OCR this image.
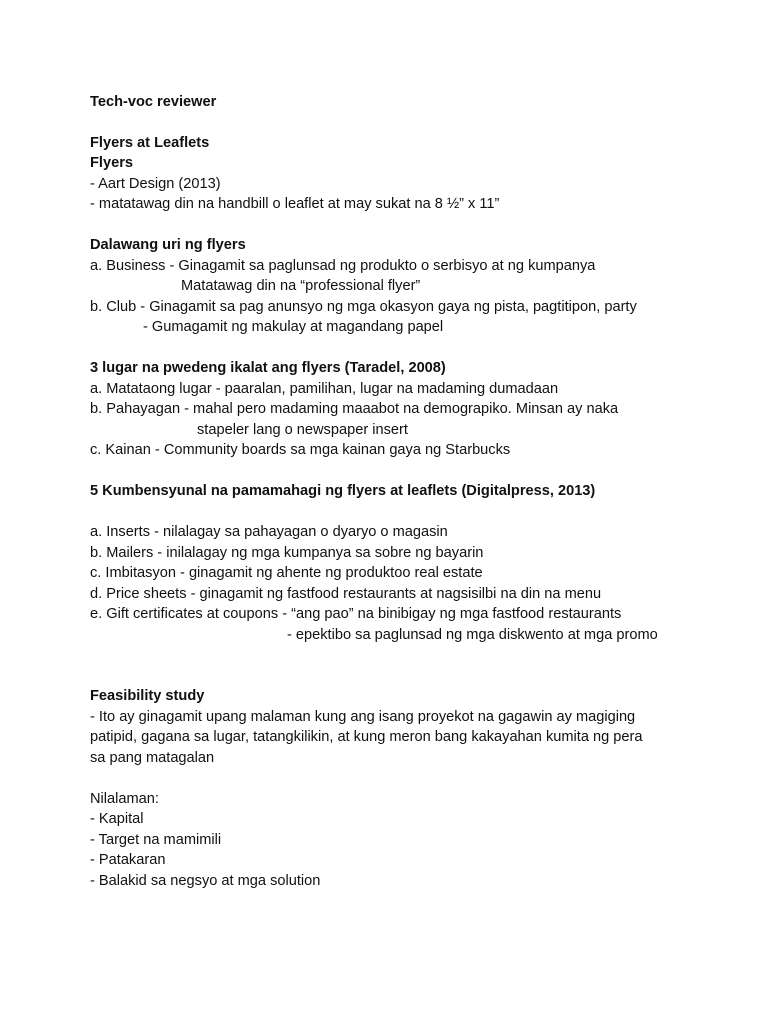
Tech-voc reviewer
Flyers at Leaflets
Flyers
- Aart Design (2013)
- matatawag din na handbill o leaflet at may sukat na 8 ½” x 11”
Dalawang uri ng flyers
a. Business - Ginagamit sa paglunsad ng produkto o serbisyo at ng kumpanya
Matatawag din na “professional flyer”
b. Club - Ginagamit sa pag anunsyo ng mga okasyon gaya ng pista, pagtitipon, party
- Gumagamit ng makulay at magandang papel
3 lugar na pwedeng ikalat ang flyers (Taradel, 2008)
a. Matataong lugar - paaralan, pamilihan, lugar na madaming dumadaan
b. Pahayagan - mahal pero madaming maaabot na demograpiko. Minsan ay naka
stapeler lang o newspaper insert
c. Kainan - Community boards sa mga kainan gaya ng Starbucks
5 Kumbensyunal na pamamahagi ng flyers at leaflets (Digitalpress, 2013)
a. Inserts - nilalagay sa pahayagan o dyaryo o magasin
b. Mailers - inilalagay ng mga kumpanya sa sobre ng bayarin
c. Imbitasyon - ginagamit ng ahente ng produktoo real estate
d. Price sheets - ginagamit ng fastfood restaurants at nagsisilbi na din na menu
e. Gift certificates at coupons - “ang pao” na binibigay ng mga fastfood restaurants
- epektibo sa paglunsad ng mga diskwento at mga promo
Feasibility study
- Ito ay ginagamit upang malaman kung ang isang proyekot na gagawin ay magiging
patipid, gagana sa lugar, tatangkilikin, at kung meron bang kakayahan kumita ng pera
sa pang matagalan
Nilalaman:
- Kapital
- Target na mamimili
- Patakaran
- Balakid sa negsyo at mga solution
